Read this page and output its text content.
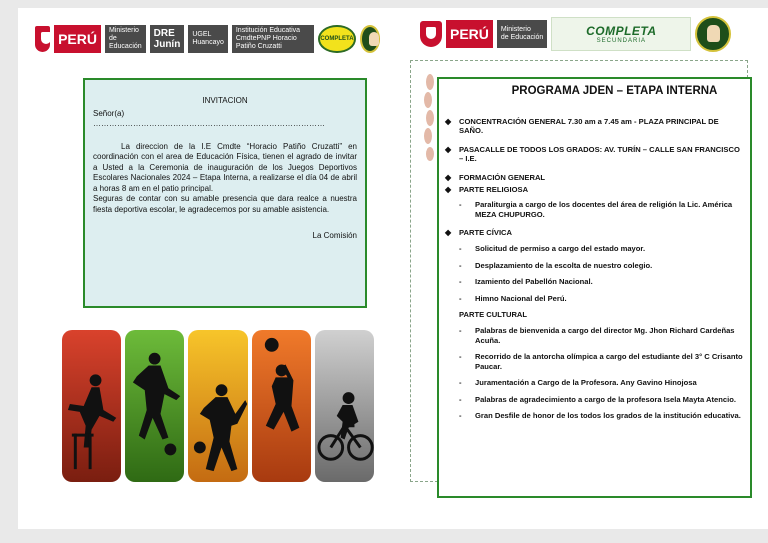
PERÚ
Ministerio
de Educación
DRE
Junín
UGEL
Huancayo
Institución Educativa
CmdtePNP Horacio Patiño Cruzatti
COMPLETA
INVITACION
Señor(a) ……………………………………………………………………………
La direccion de la I.E Cmdte “Horacio Patiño Cruzatti” en coordinación con el area de Educación Física, tienen el agrado de invitar a Usted a la Ceremonia de inauguración de los Juegos Deportivos Escolares Nacionales 2024 – Etapa Interna, a realizarse el día 04 de abril a horas 8 am en el patio principal.
Seguras de contar con su amable presencia que dara realce a nuestra fiesta deportiva escolar, le agradecemos por su amable asistencia.
La Comisión
PERÚ	Ministerio
de Educación	COMPLETA
SECUNDARIA
PROGRAMA JDEN – ETAPA INTERNA
◆ CONCENTRACIÓN GENERAL 7.30 am a 7.45 am - PLAZA PRINCIPAL DE SAÑO.
◆ PASACALLE DE TODOS LOS GRADOS: AV. TURÍN – CALLE SAN FRANCISCO – I.E.
◆ FORMACIÓN GENERAL
◆ PARTE RELIGIOSA
-	Paraliturgia a cargo de los docentes del área de religión la Lic. América MEZA CHUPURGO.
◆ PARTE CÍVICA
-	Solicitud de permiso a cargo del estado mayor.
-	Desplazamiento de la escolta de nuestro colegio.
-	Izamiento del Pabellón Nacional.
-	Himno Nacional del Perú.
PARTE CULTURAL
-	Palabras de bienvenida a cargo del director Mg. Jhon Richard Cardeñas Acuña.
-	Recorrido de la antorcha olímpica a cargo del estudiante del 3° C Crisanto Paucar.
-	Juramentación a Cargo de la Profesora. Any Gavino Hinojosa
-	Palabras de agradecimiento a cargo de la profesora Isela Mayta Atencio.
-	Gran Desfile de honor de los todos los grados de la institución educativa.
